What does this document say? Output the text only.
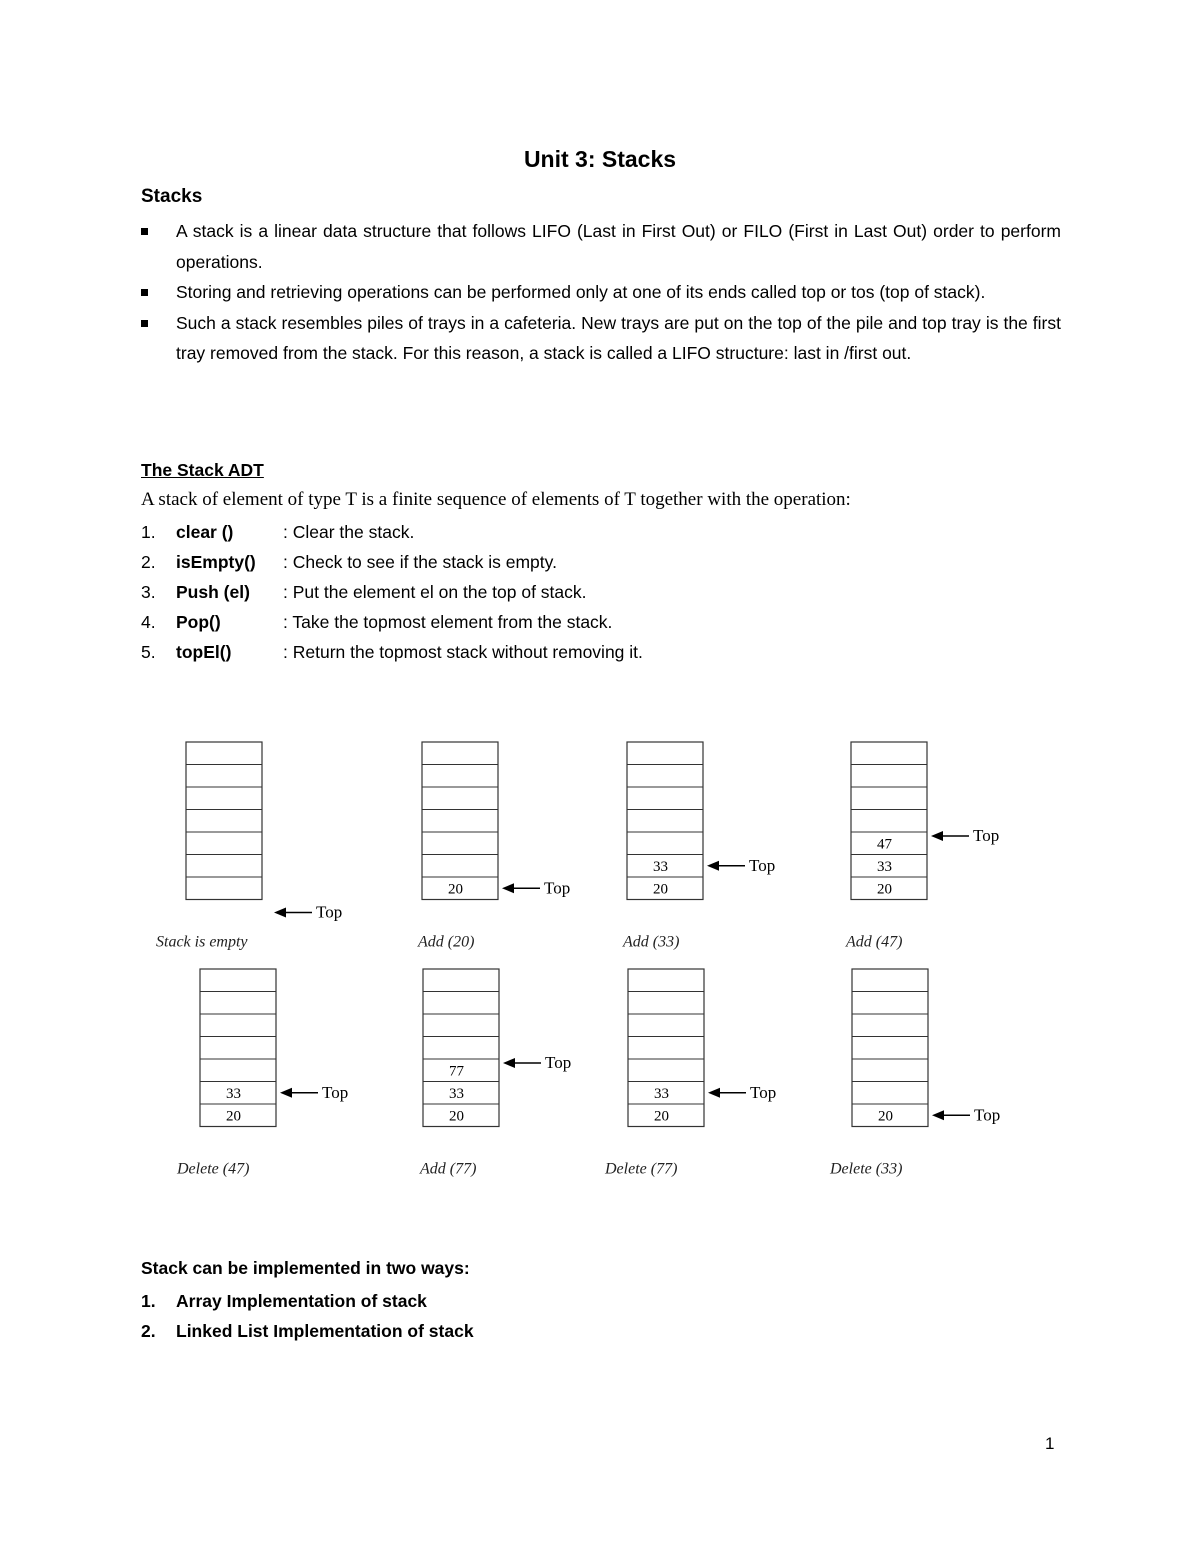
Unit 3: Stacks
Stacks
A stack is a linear data structure that follows LIFO (Last in First Out) or FILO (First in Last Out) order to perform operations.
Storing and retrieving operations can be performed only at one of its ends called top or tos (top of stack).
Such a stack resembles piles of trays in a cafeteria. New trays are put on the top of the pile and top tray is the first tray removed from the stack. For this reason, a stack is called a LIFO structure: last in /first out.
The Stack ADT
A stack of element of type T is a finite sequence of elements of T together with the operation:
1. clear ()	: Clear the stack.
2. isEmpty() : Check to see if the stack is empty.
3. Push (el) : Put the element el on the top of stack.
4. Pop()	: Take the topmost element from the stack.
5. topEl()	: Return the topmost stack without removing it.
Top
Stack is empty
20	Top
Add (20)
20
33	Top
Add (33)
20
33
47	Top
Add (47)
20
33	Top
Delete (47)
20
33
77	Top
Add (77)
20
33	Top
Delete (77)
20	Top
Delete (33)
Stack can be implemented in two ways:
1. Array Implementation of stack
2. Linked List Implementation of stack
1
